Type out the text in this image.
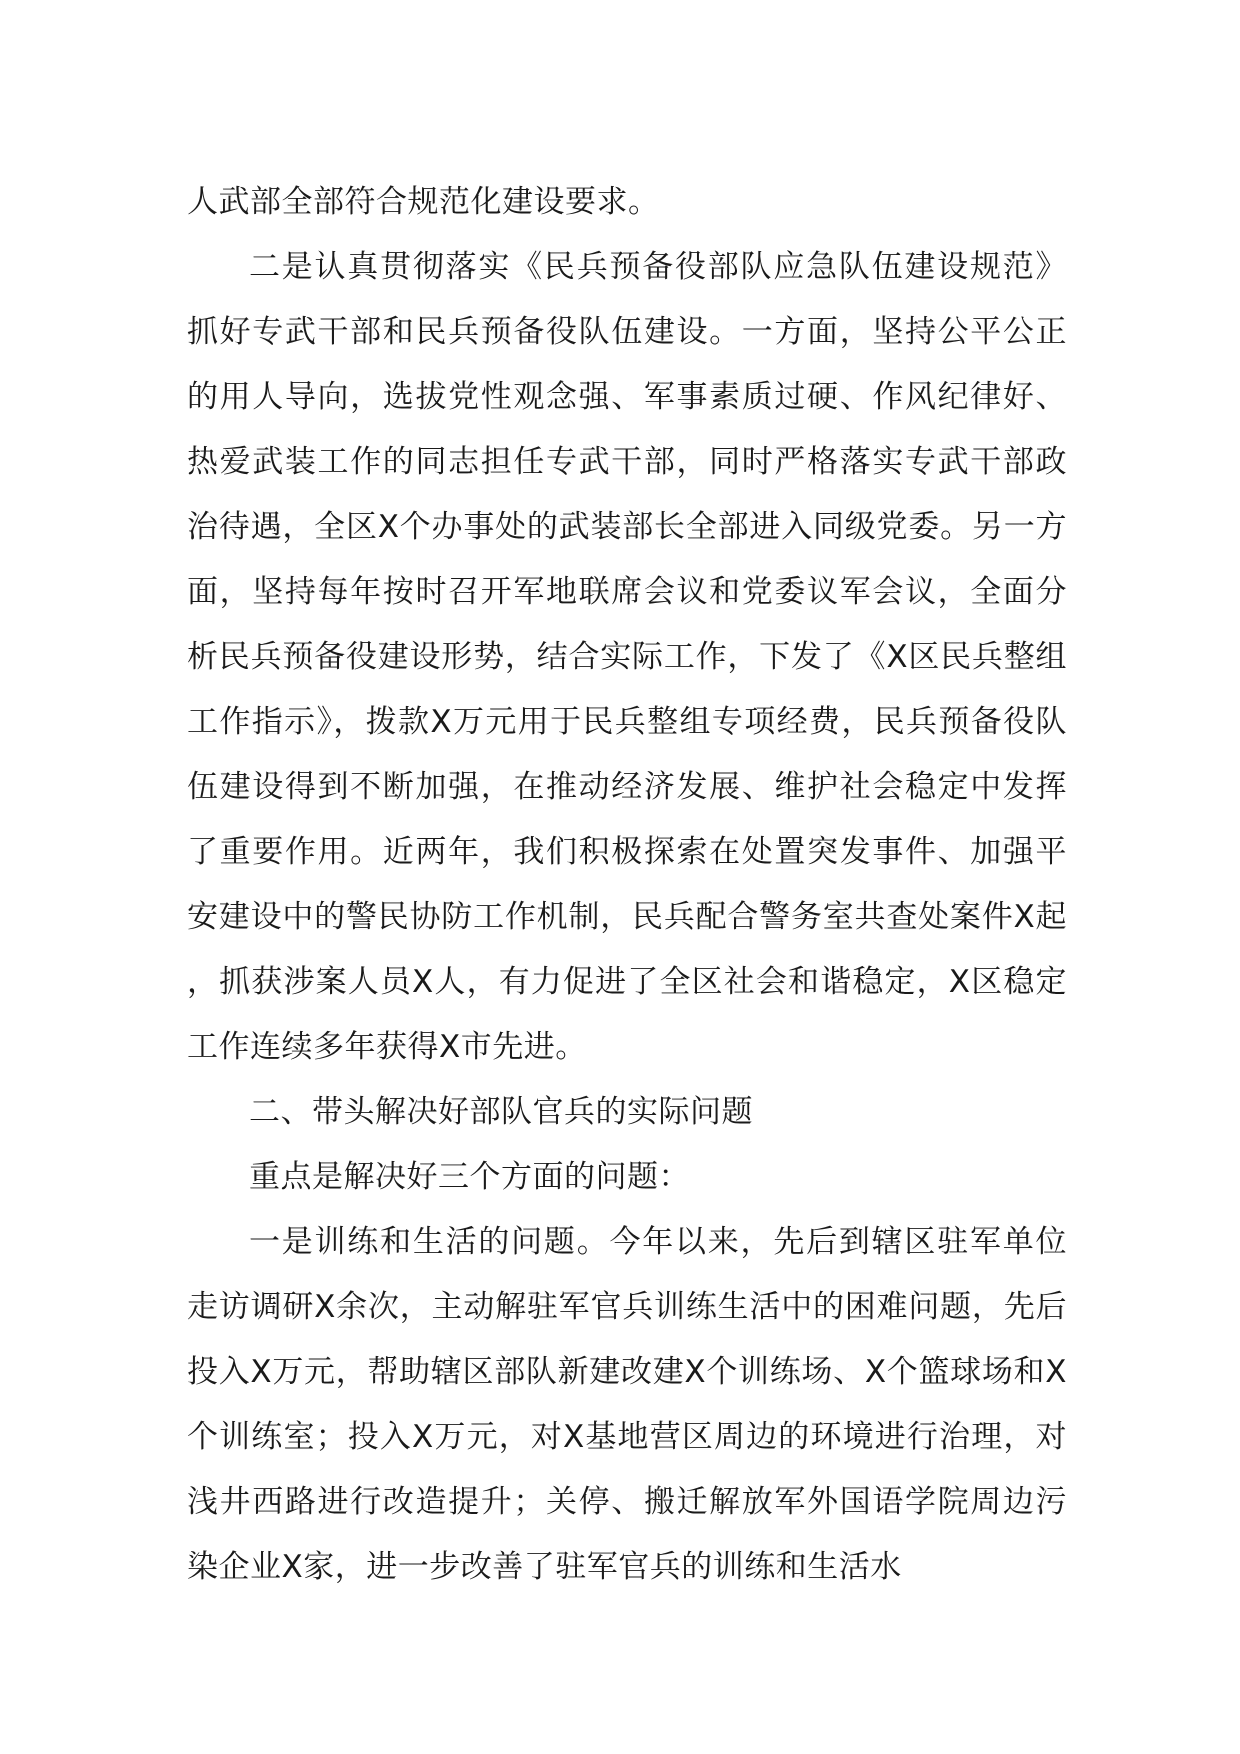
人武部全部符合规范化建设要求。

二是认真贯彻落实《民兵预备役部队应急队伍建设规范》抓好专武干部和民兵预备役队伍建设。一方面，坚持公平公正的用人导向，选拔党性观念强、军事素质过硬、作风纪律好、热爱武装工作的同志担任专武干部，同时严格落实专武干部政治待遇，全区X个办事处的武装部长全部进入同级党委。另一方面，坚持每年按时召开军地联席会议和党委议军会议，全面分析民兵预备役建设形势，结合实际工作，下发了《X区民兵整组工作指示》，拨款X万元用于民兵整组专项经费，民兵预备役队伍建设得到不断加强，在推动经济发展、维护社会稳定中发挥了重要作用。近两年，我们积极探索在处置突发事件、加强平安建设中的警民协防工作机制，民兵配合警务室共查处案件X起，抓获涉案人员X人，有力促进了全区社会和谐稳定，X区稳定工作连续多年获得X市先进。

二、带头解决好部队官兵的实际问题

重点是解决好三个方面的问题：

一是训练和生活的问题。今年以来，先后到辖区驻军单位走访调研X余次，主动解驻军官兵训练生活中的困难问题，先后投入X万元，帮助辖区部队新建改建X个训练场、X个篮球场和X个训练室；投入X万元，对X基地营区周边的环境进行治理，对浅井西路进行改造提升；关停、搬迁解放军外国语学院周边污染企业X家，进一步改善了驻军官兵的训练和生活水
